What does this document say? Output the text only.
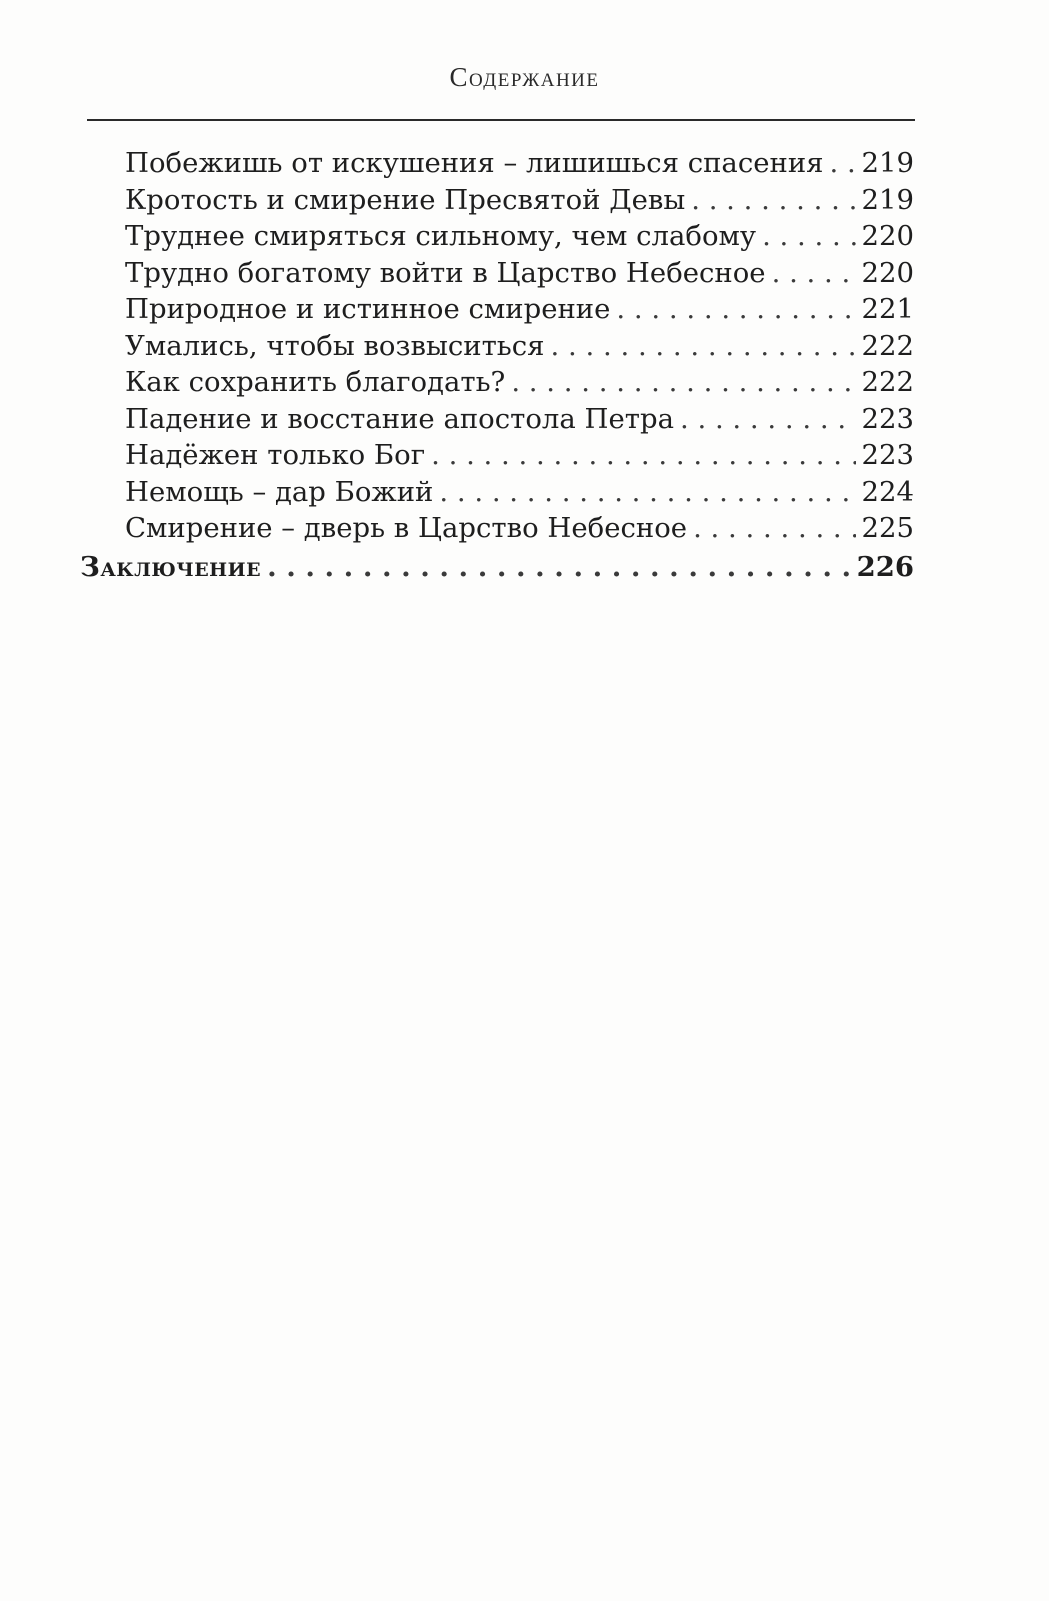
Содержание
Побежишь от искушения – лишишься спасения . . . 219
Кротость и смирение Пресвятой Девы . . .	219
Труднее смиряться сильному, чем слабому . . .	220
Трудно богатому войти в Царство Небесное . . .	220
Природное и истинное смирение . . .	221
Умались, чтобы возвыситься . . .	222
Как сохранить благодать? . . .	222
Падение и восстание апостола Петра . . .	223
Надёжен только Бог . . .	223
Немощь – дар Божий . . .	224
Смирение – дверь в Царство Небесное . . .	225
Заключение . . .	226
